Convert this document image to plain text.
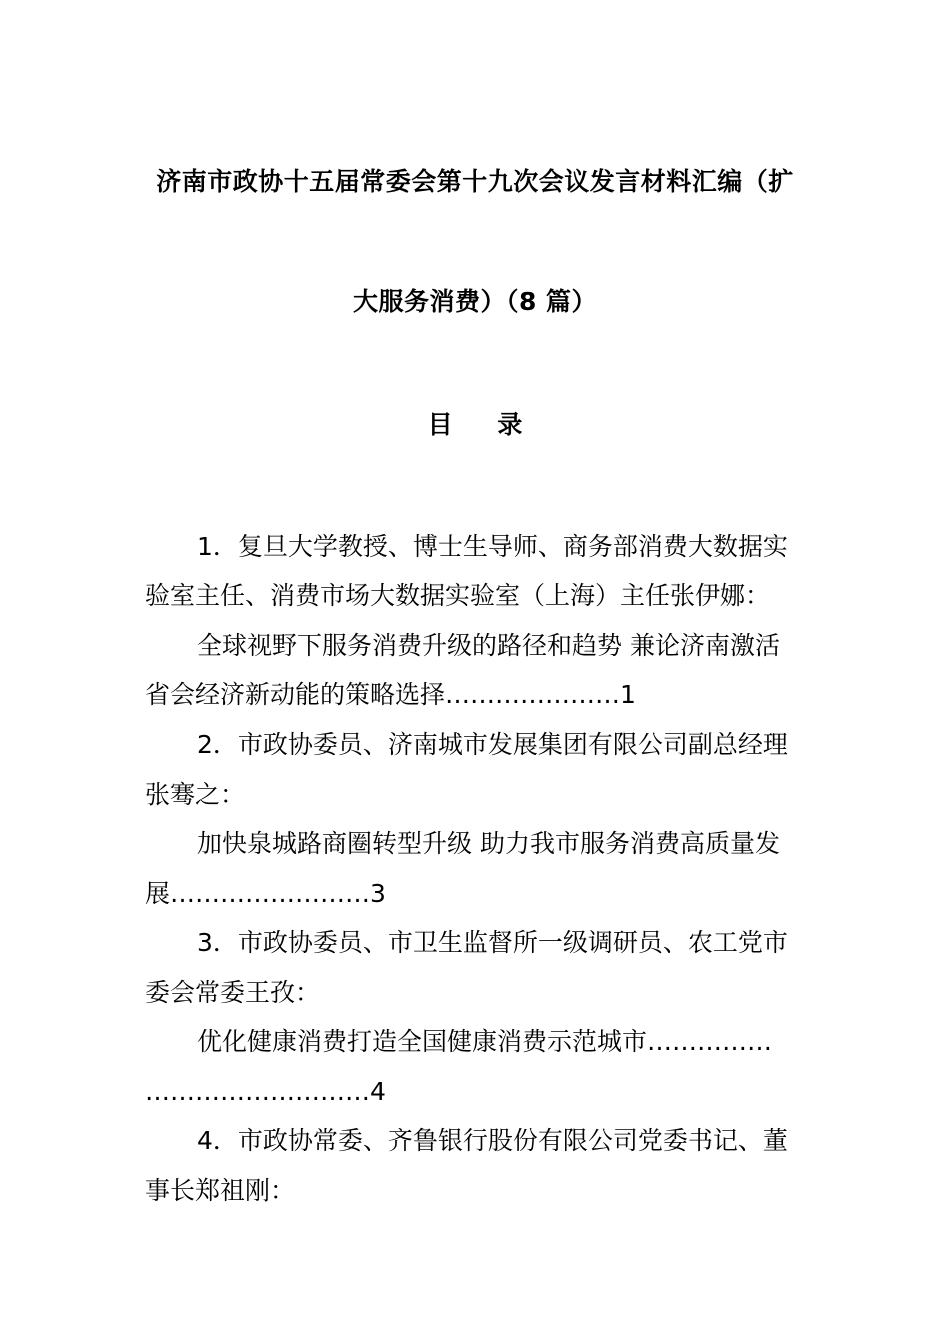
济南市政协十五届常委会第十九次会议发言材料汇编（扩
大服务消费）（8 篇）
目 录
1．复旦大学教授、博士生导师、商务部消费大数据实
验室主任、消费市场大数据实验室（上海）主任张伊娜：
全球视野下服务消费升级的路径和趋势 兼论济南激活
省会经济新动能的策略选择…………………1
2．市政协委员、济南城市发展集团有限公司副总经理
张骞之：
加快泉城路商圈转型升级 助力我市服务消费高质量发
展……………………3
3．市政协委员、市卫生监督所一级调研员、农工党市
委会常委王孜：
优化健康消费打造全国健康消费示范城市……………
………………………4
4．市政协常委、齐鲁银行股份有限公司党委书记、董
事长郑祖刚：
